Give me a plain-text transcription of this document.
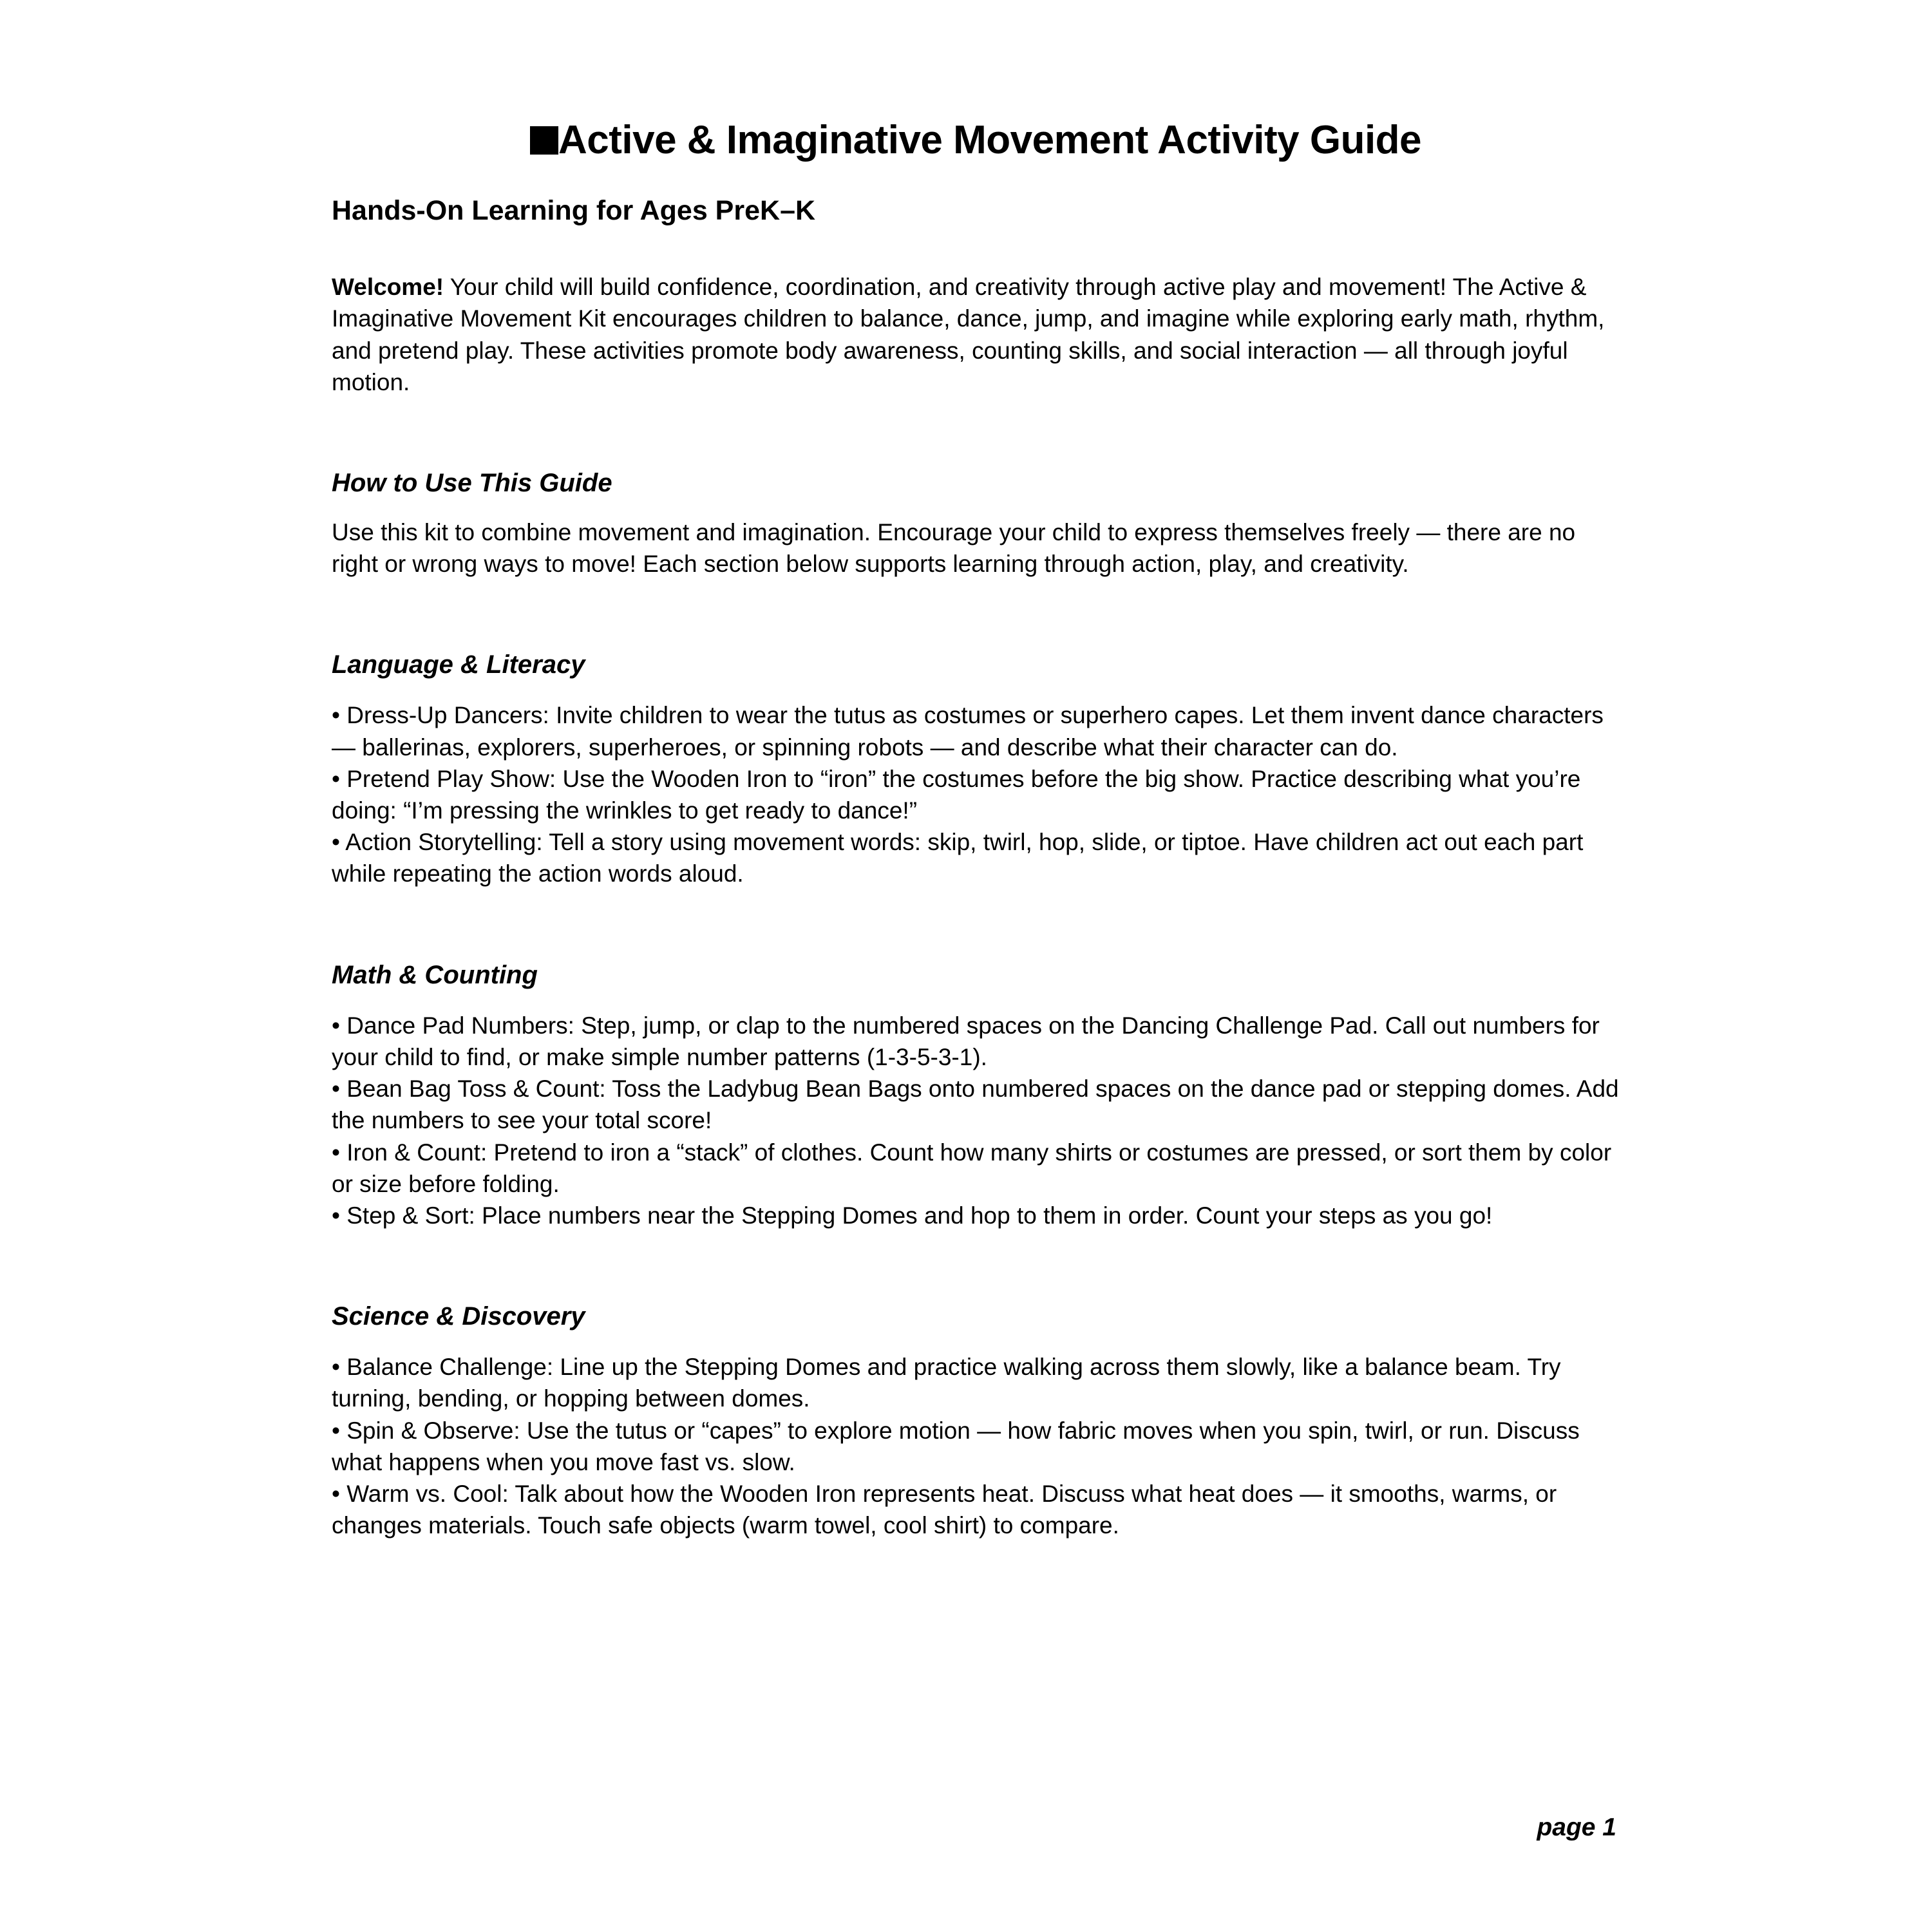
Active & Imaginative Movement Activity Guide
Hands-On Learning for Ages PreK–K

Welcome! Your child will build confidence, coordination, and creativity through active play and movement! The Active & Imaginative Movement Kit encourages children to balance, dance, jump, and imagine while exploring early math, rhythm, and pretend play. These activities promote body awareness, counting skills, and social interaction — all through joyful motion.

How to Use This Guide

Use this kit to combine movement and imagination. Encourage your child to express themselves freely — there are no right or wrong ways to move! Each section below supports learning through action, play, and creativity.

Language & Literacy

• Dress-Up Dancers: Invite children to wear the tutus as costumes or superhero capes. Let them invent dance characters — ballerinas, explorers, superheroes, or spinning robots — and describe what their character can do.

• Pretend Play Show: Use the Wooden Iron to “iron” the costumes before the big show. Practice describing what you’re doing: “I’m pressing the wrinkles to get ready to dance!”

• Action Storytelling: Tell a story using movement words: skip, twirl, hop, slide, or tiptoe. Have children act out each part while repeating the action words aloud.

Math & Counting

• Dance Pad Numbers: Step, jump, or clap to the numbered spaces on the Dancing Challenge Pad. Call out numbers for your child to find, or make simple number patterns (1-3-5-3-1).

• Bean Bag Toss & Count: Toss the Ladybug Bean Bags onto numbered spaces on the dance pad or stepping domes. Add the numbers to see your total score!

• Iron & Count: Pretend to iron a “stack” of clothes. Count how many shirts or costumes are pressed, or sort them by color or size before folding.

• Step & Sort: Place numbers near the Stepping Domes and hop to them in order. Count your steps as you go!

Science & Discovery

• Balance Challenge: Line up the Stepping Domes and practice walking across them slowly, like a balance beam. Try turning, bending, or hopping between domes.

• Spin & Observe: Use the tutus or “capes” to explore motion — how fabric moves when you spin, twirl, or run. Discuss what happens when you move fast vs. slow.

• Warm vs. Cool: Talk about how the Wooden Iron represents heat. Discuss what heat does — it smooths, warms, or changes materials. Touch safe objects (warm towel, cool shirt) to compare.

page 1
